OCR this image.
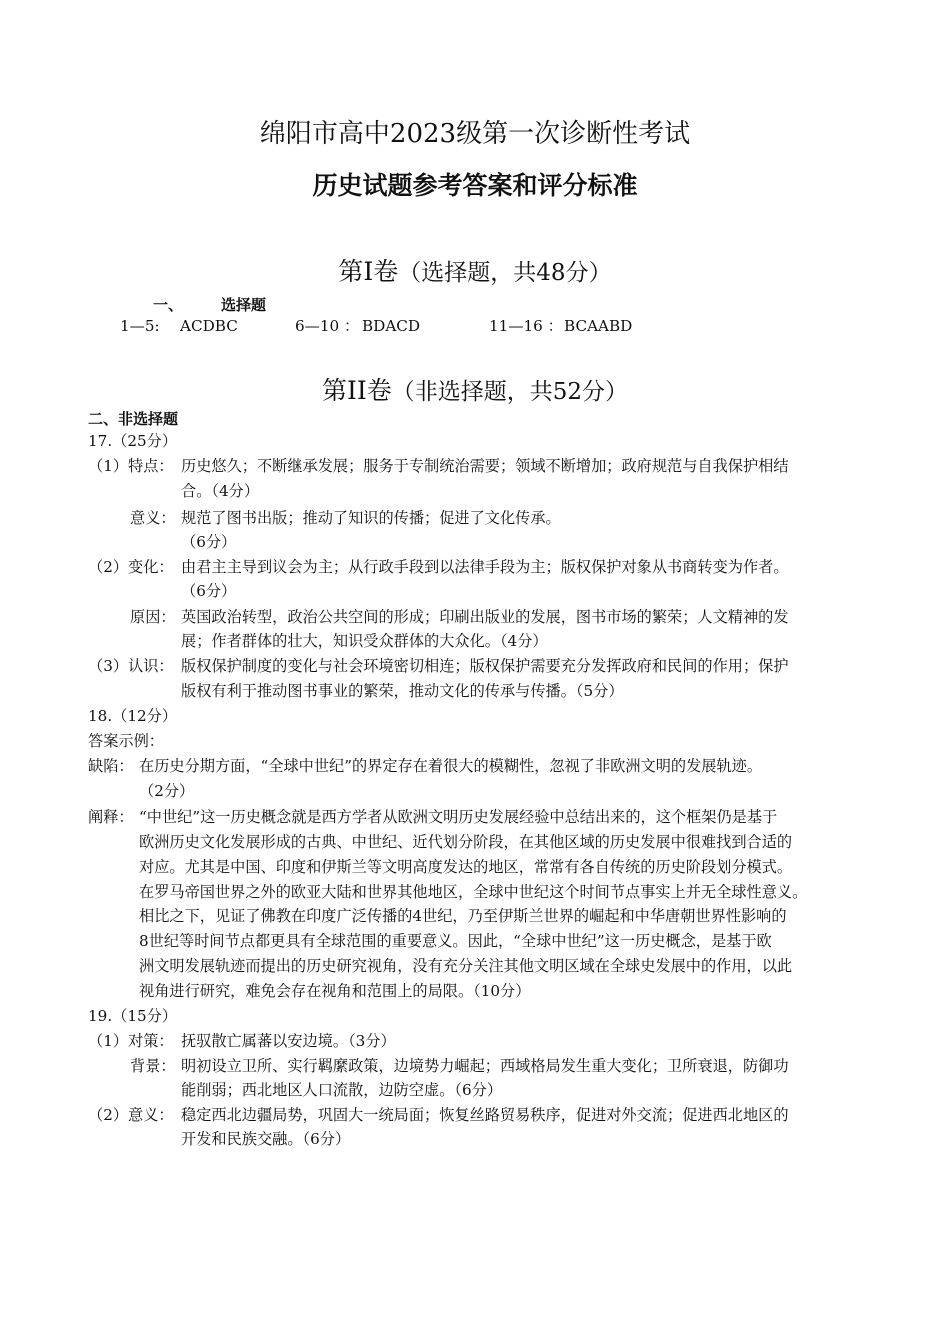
绵阳市高中2023级第一次诊断性考试
历史试题参考答案和评分标准
第I卷（选择题，共48分）
一、	选择题
1—5: ACDBC	6—10 ： BDACD	11—16 ：BCAABD
第II卷（非选择题，共52分）
二、非选择题
17.（25分）
（1）特点： 历史悠久；不断继承发展；服务于专制统治需要；领域不断增加；政府规范与自我保护相结
合。（4分）
意义： 规范了图书出版；推动了知识的传播；促进了文化传承。
（6分）
（2）变化： 由君主主导到议会为主；从行政手段到以法律手段为主；版权保护对象从书商转变为作者。
（6分）
原因： 英国政治转型，政治公共空间的形成；印刷出版业的发展，图书市场的繁荣；人文精神的发
展；作者群体的壮大，知识受众群体的大众化。（4分）
（3）认识： 版权保护制度的变化与社会环境密切相连；版权保护需要充分发挥政府和民间的作用；保护
版权有利于推动图书事业的繁荣，推动文化的传承与传播。（5分）
18.（12分）
答案示例：
缺陷： 在历史分期方面，“全球中世纪”的界定存在着很大的模糊性，忽视了非欧洲文明的发展轨迹。
（2分）
阐释： “中世纪”这一历史概念就是西方学者从欧洲文明历史发展经验中总结出来的，这个框架仍是基于
欧洲历史文化发展形成的古典、中世纪、近代划分阶段，在其他区域的历史发展中很难找到合适的
对应。尤其是中国、印度和伊斯兰等文明高度发达的地区，常常有各自传统的历史阶段划分模式。
在罗马帝国世界之外的欧亚大陆和世界其他地区，全球中世纪这个时间节点事实上并无全球性意义。
相比之下，见证了佛教在印度广泛传播的4世纪，乃至伊斯兰世界的崛起和中华唐朝世界性影响的
8世纪等时间节点都更具有全球范围的重要意义。因此，“全球中世纪”这一历史概念，是基于欧
洲文明发展轨迹而提出的历史研究视角，没有充分关注其他文明区域在全球史发展中的作用，以此
视角进行研究，难免会存在视角和范围上的局限。（10分）
19.（15分）
（1）对策： 抚驭散亡属蕃以安边境。（3分）
背景： 明初设立卫所、实行羁縻政策，边境势力崛起；西域格局发生重大变化；卫所衰退，防御功
能削弱；西北地区人口流散，边防空虚。（6分）
（2）意义： 稳定西北边疆局势，巩固大一统局面；恢复丝路贸易秩序，促进对外交流；促进西北地区的
开发和民族交融。（6分）
